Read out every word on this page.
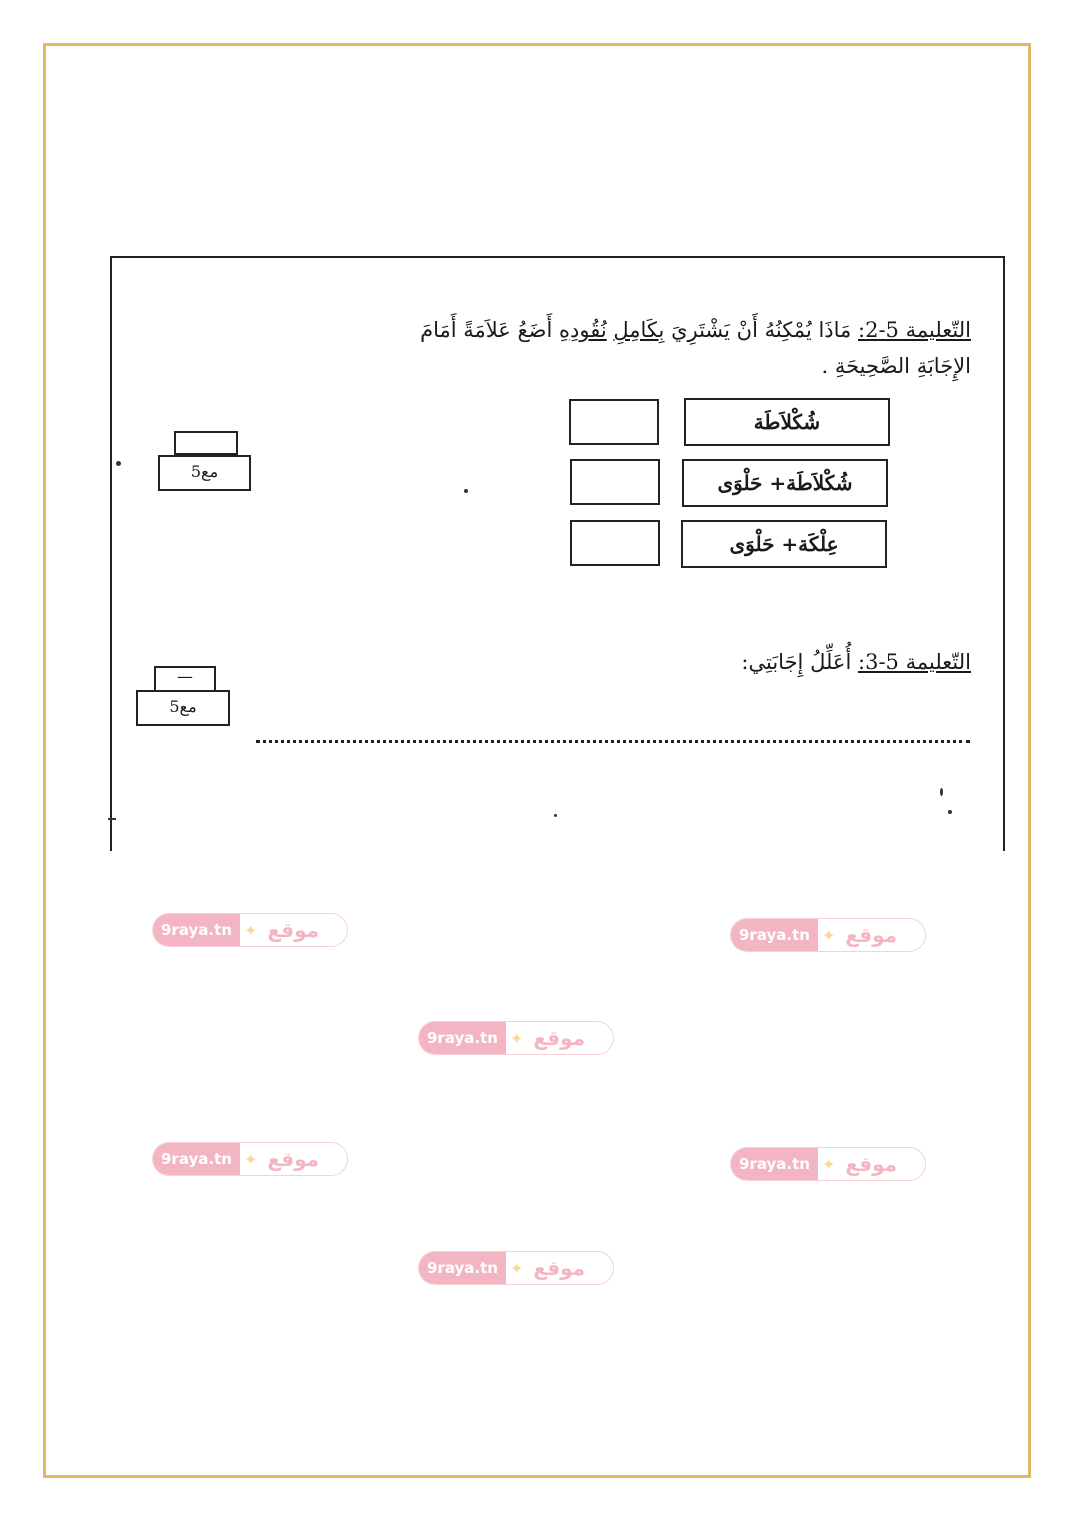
التّعليمة 5-2: مَاذَا يُمْكِنُهُ أَنْ يَشْتَرِيَ بِكَامِلِ نُقُودِهِ أَضَعُ عَلاَمَةً أَمَامَ
الإِجَابَةِ الصَّحِيحَةِ .
شُكْلاَطَة
شُكْلاَطَة+ حَلْوَى
عِلْكَة+ حَلْوَى
مع5
التّعليمة 5-3: أُعَلِّلُ إِجَابَتِي:
—
مع5
9raya.tn ✦ موقع	9raya.tn ✦ موقع
9raya.tn ✦ موقع
9raya.tn ✦ موقع	9raya.tn ✦ موقع
9raya.tn ✦ موقع
